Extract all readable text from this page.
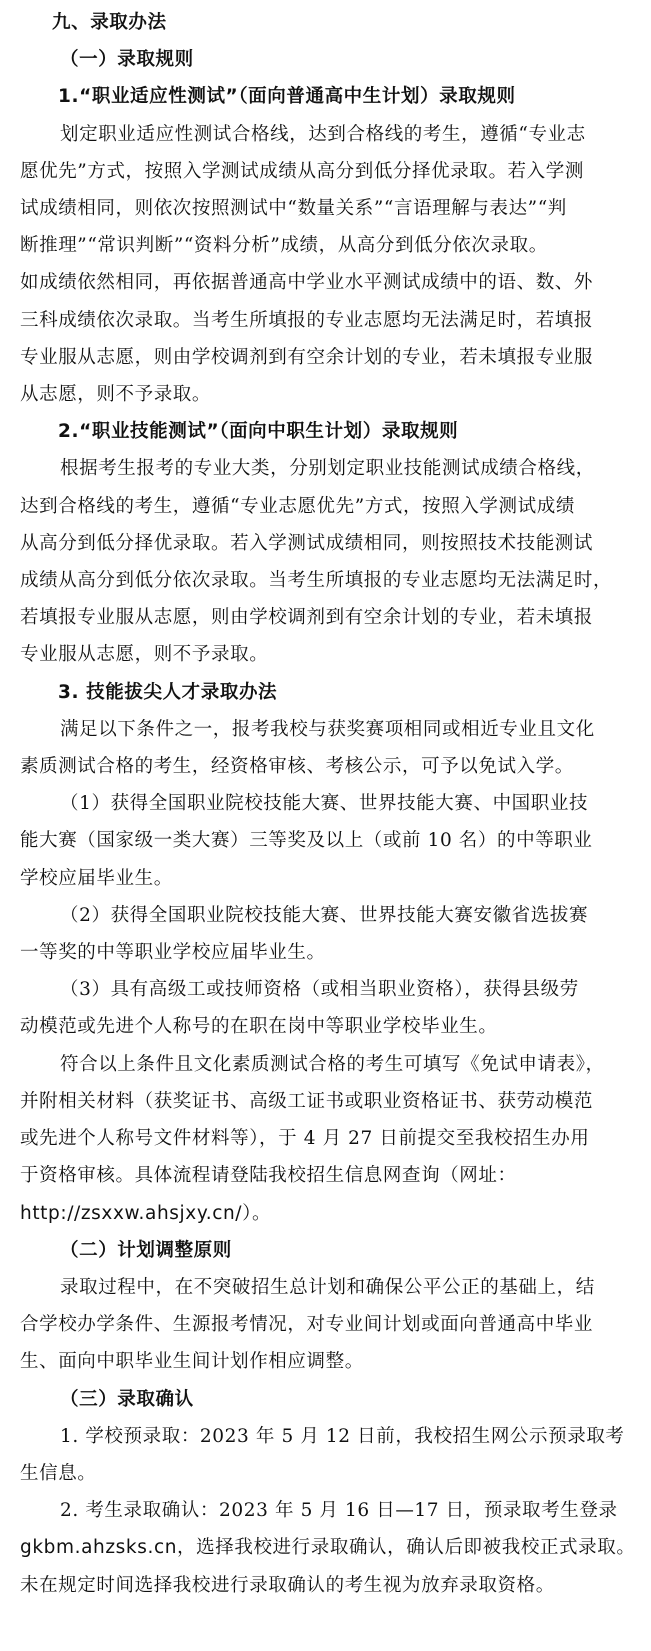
九、录取办法

（一）录取规则

1.“职业适应性测试”（面向普通高中生计划）录取规则

划定职业适应性测试合格线，达到合格线的考生，遵循“专业志

愿优先”方式，按照入学测试成绩从高分到低分择优录取。若入学测

试成绩相同，则依次按照测试中“数量关系”“言语理解与表达”“判

断推理”“常识判断”“资料分析”成绩，从高分到低分依次录取。

如成绩依然相同，再依据普通高中学业水平测试成绩中的语、数、外

三科成绩依次录取。当考生所填报的专业志愿均无法满足时，若填报

专业服从志愿，则由学校调剂到有空余计划的专业，若未填报专业服

从志愿，则不予录取。

2.“职业技能测试”（面向中职生计划）录取规则

根据考生报考的专业大类，分别划定职业技能测试成绩合格线，

达到合格线的考生，遵循“专业志愿优先”方式，按照入学测试成绩

从高分到低分择优录取。若入学测试成绩相同，则按照技术技能测试

成绩从高分到低分依次录取。当考生所填报的专业志愿均无法满足时，

若填报专业服从志愿，则由学校调剂到有空余计划的专业，若未填报

专业服从志愿，则不予录取。

3. 技能拔尖人才录取办法

满足以下条件之一，报考我校与获奖赛项相同或相近专业且文化

素质测试合格的考生，经资格审核、考核公示，可予以免试入学。

（1）获得全国职业院校技能大赛、世界技能大赛、中国职业技

能大赛（国家级一类大赛）三等奖及以上（或前 10 名）的中等职业

学校应届毕业生。

（2）获得全国职业院校技能大赛、世界技能大赛安徽省选拔赛

一等奖的中等职业学校应届毕业生。

（3）具有高级工或技师资格（或相当职业资格），获得县级劳

动模范或先进个人称号的在职在岗中等职业学校毕业生。

符合以上条件且文化素质测试合格的考生可填写《免试申请表》，

并附相关材料（获奖证书、高级工证书或职业资格证书、获劳动模范

或先进个人称号文件材料等），于 4 月 27 日前提交至我校招生办用

于资格审核。具体流程请登陆我校招生信息网查询（网址：

http://zsxxw.ahsjxy.cn/）。

（二）计划调整原则

录取过程中，在不突破招生总计划和确保公平公正的基础上，结

合学校办学条件、生源报考情况，对专业间计划或面向普通高中毕业

生、面向中职毕业生间计划作相应调整。

（三）录取确认

1. 学校预录取：2023 年 5 月 12 日前，我校招生网公示预录取考

生信息。

2. 考生录取确认：2023 年 5 月 16 日—17 日，预录取考生登录

gkbm.ahzsks.cn，选择我校进行录取确认，确认后即被我校正式录取。

未在规定时间选择我校进行录取确认的考生视为放弃录取资格。
